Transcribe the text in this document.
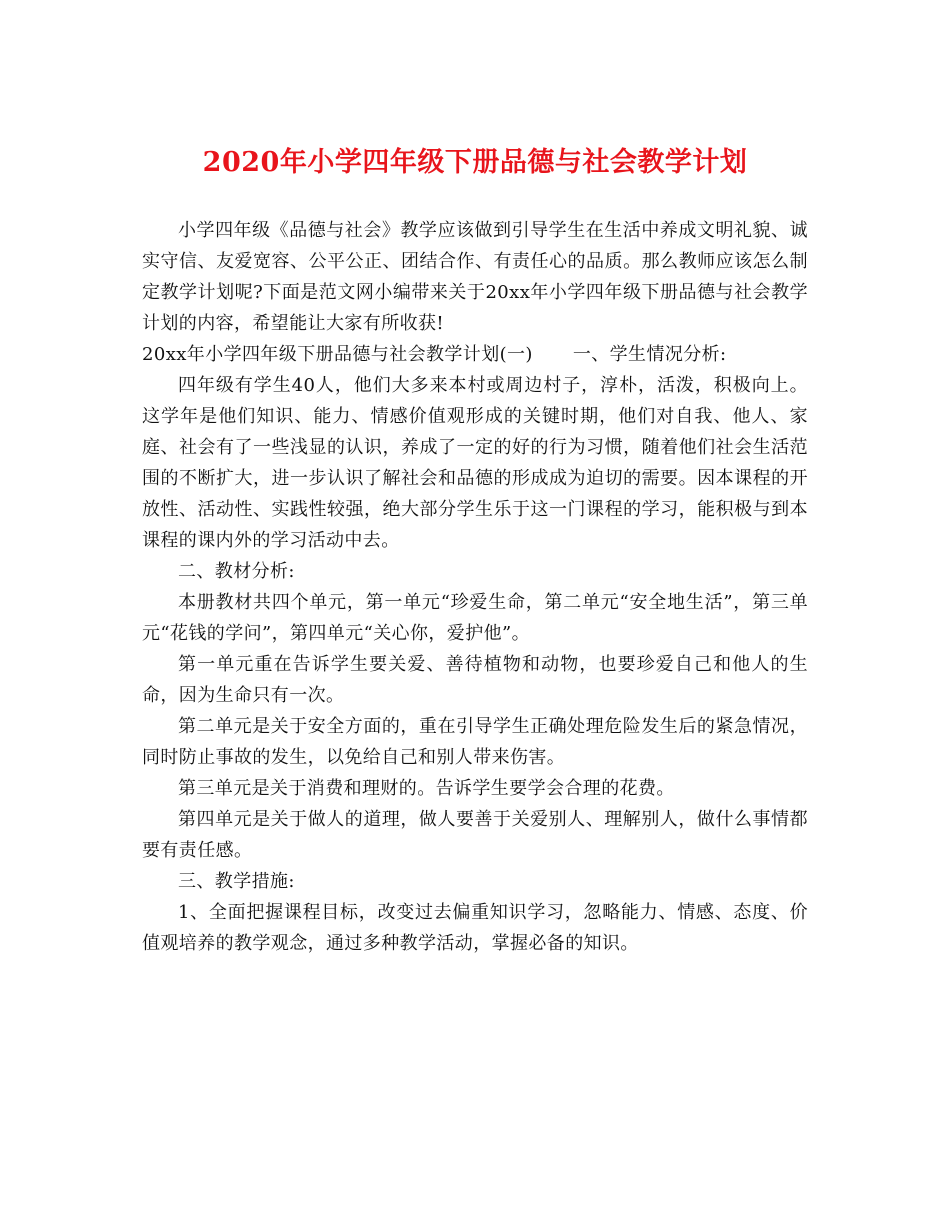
2020年小学四年级下册品德与社会教学计划

小学四年级《品德与社会》教学应该做到引导学生在生活中养成文明礼貌、诚实守信、友爱宽容、公平公正、团结合作、有责任心的品质。那么教师应该怎么制定教学计划呢?下面是范文网小编带来关于20xx年小学四年级下册品德与社会教学计划的内容，希望能让大家有所收获!

20xx年小学四年级下册品德与社会教学计划(一) 一、学生情况分析:

四年级有学生40人，他们大多来本村或周边村子，淳朴，活泼，积极向上。这学年是他们知识、能力、情感价值观形成的关键时期，他们对自我、他人、家庭、社会有了一些浅显的认识，养成了一定的好的行为习惯，随着他们社会生活范围的不断扩大，进一步认识了解社会和品德的形成成为迫切的需要。因本课程的开放性、活动性、实践性较强，绝大部分学生乐于这一门课程的学习，能积极与到本课程的课内外的学习活动中去。

二、教材分析:

本册教材共四个单元，第一单元“珍爱生命，第二单元“安全地生活”，第三单元“花钱的学问”，第四单元“关心你，爱护他”。

第一单元重在告诉学生要关爱、善待植物和动物，也要珍爱自己和他人的生命，因为生命只有一次。

第二单元是关于安全方面的，重在引导学生正确处理危险发生后的紧急情况，同时防止事故的发生，以免给自己和别人带来伤害。

第三单元是关于消费和理财的。告诉学生要学会合理的花费。

第四单元是关于做人的道理，做人要善于关爱别人、理解别人，做什么事情都要有责任感。

三、教学措施:

1、全面把握课程目标，改变过去偏重知识学习，忽略能力、情感、态度、价值观培养的教学观念，通过多种教学活动，掌握必备的知识。
